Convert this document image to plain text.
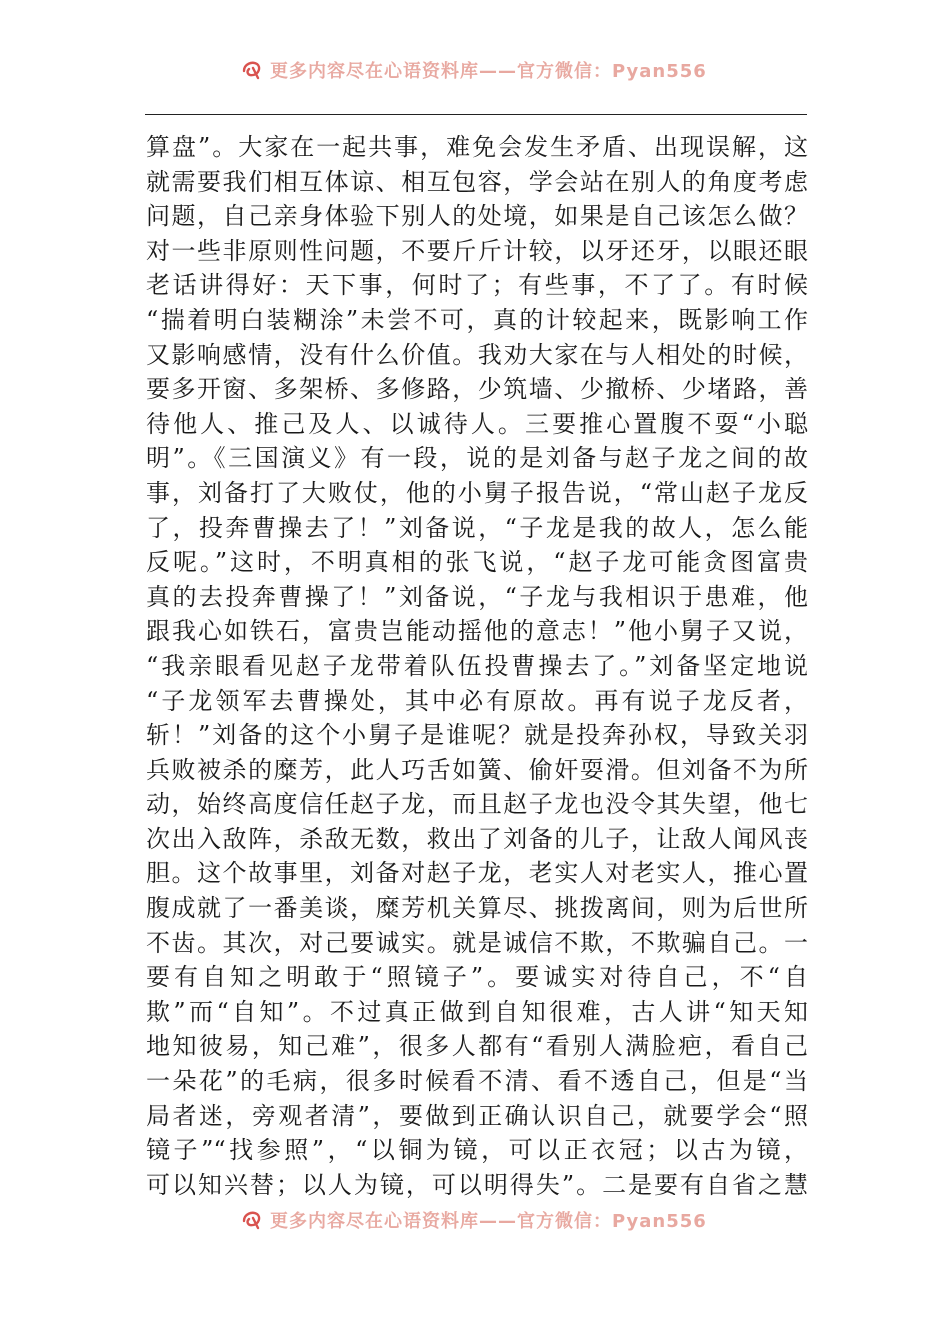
更多内容尽在心语资料库——官方微信：Pyan556
算盘”。大家在一起共事，难免会发生矛盾、出现误解，这
就需要我们相互体谅、相互包容，学会站在别人的角度考虑
问题，自己亲身体验下别人的处境，如果是自己该怎么做？
对一些非原则性问题，不要斤斤计较，以牙还牙，以眼还眼
老话讲得好：天下事，何时了；有些事，不了了。有时候
“揣着明白装糊涂”未尝不可，真的计较起来，既影响工作
又影响感情，没有什么价值。我劝大家在与人相处的时候，
要多开窗、多架桥、多修路，少筑墙、少撤桥、少堵路，善
待他人、推己及人、以诚待人。三要推心置腹不耍“小聪
明”。《三国演义》有一段，说的是刘备与赵子龙之间的故
事，刘备打了大败仗，他的小舅子报告说，“常山赵子龙反
了，投奔曹操去了！”刘备说，“子龙是我的故人，怎么能
反呢。”这时，不明真相的张飞说，“赵子龙可能贪图富贵
真的去投奔曹操了！”刘备说，“子龙与我相识于患难，他
跟我心如铁石，富贵岂能动摇他的意志！”他小舅子又说，
“我亲眼看见赵子龙带着队伍投曹操去了。”刘备坚定地说
“子龙领军去曹操处，其中必有原故。再有说子龙反者，
斩！”刘备的这个小舅子是谁呢？就是投奔孙权，导致关羽
兵败被杀的糜芳，此人巧舌如簧、偷奸耍滑。但刘备不为所
动，始终高度信任赵子龙，而且赵子龙也没令其失望，他七
次出入敌阵，杀敌无数，救出了刘备的儿子，让敌人闻风丧
胆。这个故事里，刘备对赵子龙，老实人对老实人，推心置
腹成就了一番美谈，糜芳机关算尽、挑拨离间，则为后世所
不齿。其次，对己要诚实。就是诚信不欺，不欺骗自己。一
要有自知之明敢于“照镜子”。要诚实对待自己，不“自
欺”而“自知”。不过真正做到自知很难，古人讲“知天知
地知彼易，知己难”，很多人都有“看别人满脸疤，看自己
一朵花”的毛病，很多时候看不清、看不透自己，但是“当
局者迷，旁观者清”，要做到正确认识自己，就要学会“照
镜子”“找参照”，“以铜为镜，可以正衣冠；以古为镜，
可以知兴替；以人为镜，可以明得失”。二是要有自省之慧
更多内容尽在心语资料库——官方微信：Pyan556
